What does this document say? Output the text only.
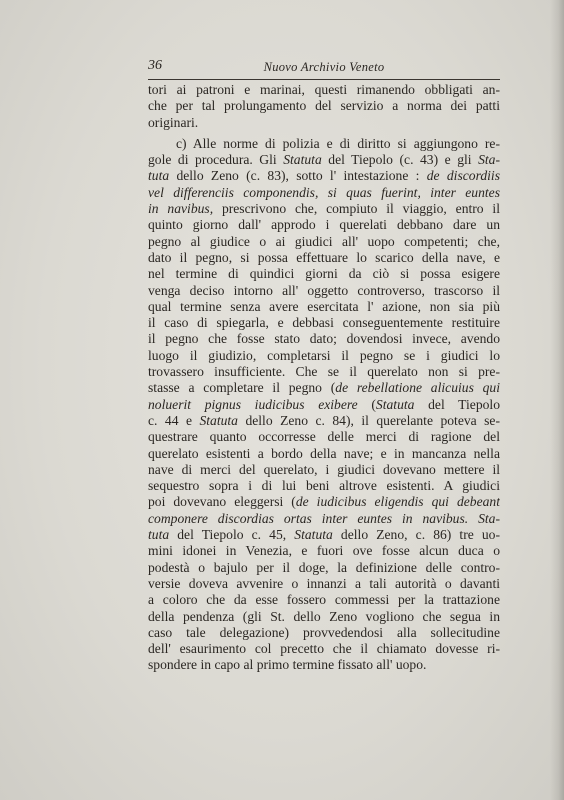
36	Nuovo Archivio Veneto
tori ai patroni e marinai, questi rimanendo obbligati an-
che per tal prolungamento del servizio a norma dei patti
originari.
c) Alle norme di polizia e di diritto si aggiungono re-
gole di procedura. Gli Statuta del Tiepolo (c. 43) e gli Sta-
tuta dello Zeno (c. 83), sotto l' intestazione : de discordiis
vel differenciis componendis, si quas fuerint, inter euntes
in navibus, prescrivono che, compiuto il viaggio, entro il
quinto giorno dall' approdo i querelati debbano dare un
pegno al giudice o ai giudici all' uopo competenti; che,
dato il pegno, si possa effettuare lo scarico della nave, e
nel termine di quindici giorni da ciò si possa esigere
venga deciso intorno all' oggetto controverso, trascorso il
qual termine senza avere esercitata l' azione, non sia più
il caso di spiegarla, e debbasi conseguentemente restituire
il pegno che fosse stato dato; dovendosi invece, avendo
luogo il giudizio, completarsi il pegno se i giudici lo
trovassero insufficiente. Che se il querelato non si pre-
stasse a completare il pegno (de rebellatione alicuius qui
noluerit pignus iudicibus exibere (Statuta del Tiepolo
c. 44 e Statuta dello Zeno c. 84), il querelante poteva se-
questrare quanto occorresse delle merci di ragione del
querelato esistenti a bordo della nave; e in mancanza nella
nave di merci del querelato, i giudici dovevano mettere il
sequestro sopra i di lui beni altrove esistenti. A giudici
poi dovevano eleggersi (de iudicibus eligendis qui debeant
componere discordias ortas inter euntes in navibus. Sta-
tuta del Tiepolo c. 45, Statuta dello Zeno, c. 86) tre uo-
mini idonei in Venezia, e fuori ove fosse alcun duca o
podestà o bajulo per il doge, la definizione delle contro-
versie doveva avvenire o innanzi a tali autorità o davanti
a coloro che da esse fossero commessi per la trattazione
della pendenza (gli St. dello Zeno vogliono che segua in
caso tale delegazione) provvedendosi alla sollecitudine
dell' esaurimento col precetto che il chiamato dovesse ri-
spondere in capo al primo termine fissato all' uopo.
